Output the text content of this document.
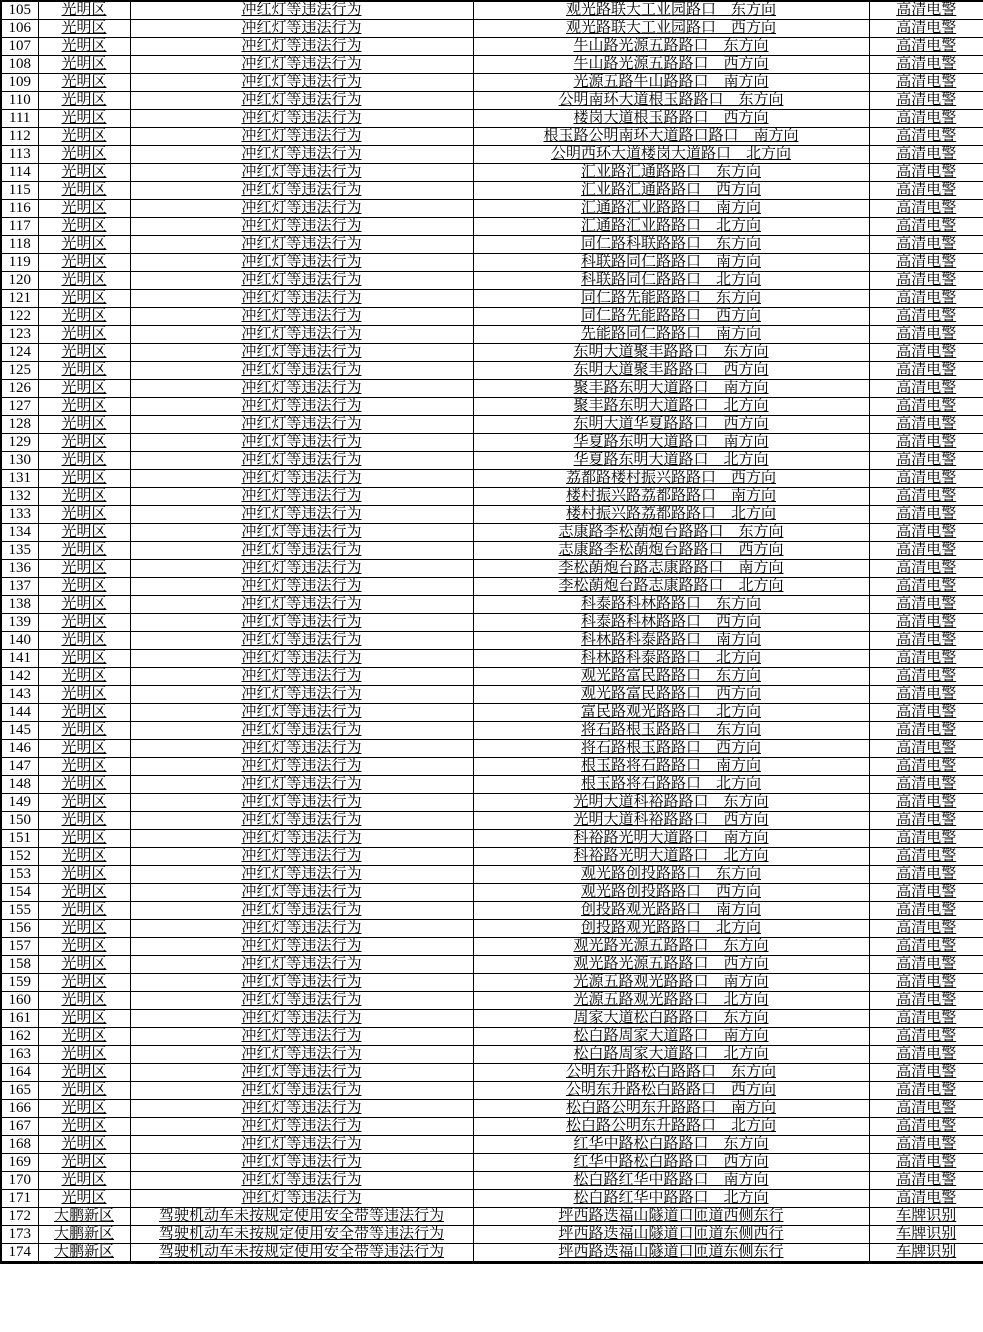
105	光明区	冲红灯等违法行为	观光路联大工业园路口　东方向	高清电警
106	光明区	冲红灯等违法行为	观光路联大工业园路口　西方向	高清电警
107	光明区	冲红灯等违法行为	牛山路光源五路路口　东方向	高清电警
108	光明区	冲红灯等违法行为	牛山路光源五路路口　西方向	高清电警
109	光明区	冲红灯等违法行为	光源五路牛山路路口　南方向	高清电警
110	光明区	冲红灯等违法行为	公明南环大道根玉路路口　东方向	高清电警
111	光明区	冲红灯等违法行为	楼岗大道根玉路路口　西方向	高清电警
112	光明区	冲红灯等违法行为	根玉路公明南环大道路口路口　南方向	高清电警
113	光明区	冲红灯等违法行为	公明西环大道楼岗大道路口　北方向	高清电警
114	光明区	冲红灯等违法行为	汇业路汇通路路口　东方向	高清电警
115	光明区	冲红灯等违法行为	汇业路汇通路路口　西方向	高清电警
116	光明区	冲红灯等违法行为	汇通路汇业路路口　南方向	高清电警
117	光明区	冲红灯等违法行为	汇通路汇业路路口　北方向	高清电警
118	光明区	冲红灯等违法行为	同仁路科联路路口　东方向	高清电警
119	光明区	冲红灯等违法行为	科联路同仁路路口　南方向	高清电警
120	光明区	冲红灯等违法行为	科联路同仁路路口　北方向	高清电警
121	光明区	冲红灯等违法行为	同仁路先能路路口　东方向	高清电警
122	光明区	冲红灯等违法行为	同仁路先能路路口　西方向	高清电警
123	光明区	冲红灯等违法行为	先能路同仁路路口　南方向	高清电警
124	光明区	冲红灯等违法行为	东明大道聚丰路路口　东方向	高清电警
125	光明区	冲红灯等违法行为	东明大道聚丰路路口　西方向	高清电警
126	光明区	冲红灯等违法行为	聚丰路东明大道路口　南方向	高清电警
127	光明区	冲红灯等违法行为	聚丰路东明大道路口　北方向	高清电警
128	光明区	冲红灯等违法行为	东明大道华夏路路口　西方向	高清电警
129	光明区	冲红灯等违法行为	华夏路东明大道路口　南方向	高清电警
130	光明区	冲红灯等违法行为	华夏路东明大道路口　北方向	高清电警
131	光明区	冲红灯等违法行为	荔都路楼村振兴路路口　西方向	高清电警
132	光明区	冲红灯等违法行为	楼村振兴路荔都路路口　南方向	高清电警
133	光明区	冲红灯等违法行为	楼村振兴路荔都路路口　北方向	高清电警
134	光明区	冲红灯等违法行为	志康路李松蓢炮台路路口　东方向	高清电警
135	光明区	冲红灯等违法行为	志康路李松蓢炮台路路口　西方向	高清电警
136	光明区	冲红灯等违法行为	李松蓢炮台路志康路路口　南方向	高清电警
137	光明区	冲红灯等违法行为	李松蓢炮台路志康路路口　北方向	高清电警
138	光明区	冲红灯等违法行为	科泰路科林路路口　东方向	高清电警
139	光明区	冲红灯等违法行为	科泰路科林路路口　西方向	高清电警
140	光明区	冲红灯等违法行为	科林路科泰路路口　南方向	高清电警
141	光明区	冲红灯等违法行为	科林路科泰路路口　北方向	高清电警
142	光明区	冲红灯等违法行为	观光路富民路路口　东方向	高清电警
143	光明区	冲红灯等违法行为	观光路富民路路口　西方向	高清电警
144	光明区	冲红灯等违法行为	富民路观光路路口　北方向	高清电警
145	光明区	冲红灯等违法行为	将石路根玉路路口　东方向	高清电警
146	光明区	冲红灯等违法行为	将石路根玉路路口　西方向	高清电警
147	光明区	冲红灯等违法行为	根玉路将石路路口　南方向	高清电警
148	光明区	冲红灯等违法行为	根玉路将石路路口　北方向	高清电警
149	光明区	冲红灯等违法行为	光明大道科裕路路口　东方向	高清电警
150	光明区	冲红灯等违法行为	光明大道科裕路路口　西方向	高清电警
151	光明区	冲红灯等违法行为	科裕路光明大道路口　南方向	高清电警
152	光明区	冲红灯等违法行为	科裕路光明大道路口　北方向	高清电警
153	光明区	冲红灯等违法行为	观光路创投路路口　东方向	高清电警
154	光明区	冲红灯等违法行为	观光路创投路路口　西方向	高清电警
155	光明区	冲红灯等违法行为	创投路观光路路口　南方向	高清电警
156	光明区	冲红灯等违法行为	创投路观光路路口　北方向	高清电警
157	光明区	冲红灯等违法行为	观光路光源五路路口　东方向	高清电警
158	光明区	冲红灯等违法行为	观光路光源五路路口　西方向	高清电警
159	光明区	冲红灯等违法行为	光源五路观光路路口　南方向	高清电警
160	光明区	冲红灯等违法行为	光源五路观光路路口　北方向	高清电警
161	光明区	冲红灯等违法行为	周家大道松白路路口　东方向	高清电警
162	光明区	冲红灯等违法行为	松白路周家大道路口　南方向	高清电警
163	光明区	冲红灯等违法行为	松白路周家大道路口　北方向	高清电警
164	光明区	冲红灯等违法行为	公明东升路松白路路口　东方向	高清电警
165	光明区	冲红灯等违法行为	公明东升路松白路路口　西方向	高清电警
166	光明区	冲红灯等违法行为	松白路公明东升路路口　南方向	高清电警
167	光明区	冲红灯等违法行为	松白路公明东升路路口　北方向	高清电警
168	光明区	冲红灯等违法行为	红华中路松白路路口　东方向	高清电警
169	光明区	冲红灯等违法行为	红华中路松白路路口　西方向	高清电警
170	光明区	冲红灯等违法行为	松白路红华中路路口　南方向	高清电警
171	光明区	冲红灯等违法行为	松白路红华中路路口　北方向	高清电警
172	大鹏新区	驾驶机动车未按规定使用安全带等违法行为	坪西路迭福山隧道口匝道西侧东行	车牌识别
173	大鹏新区	驾驶机动车未按规定使用安全带等违法行为	坪西路迭福山隧道口匝道东侧西行	车牌识别
174	大鹏新区	驾驶机动车未按规定使用安全带等违法行为	坪西路迭福山隧道口匝道东侧东行	车牌识别
